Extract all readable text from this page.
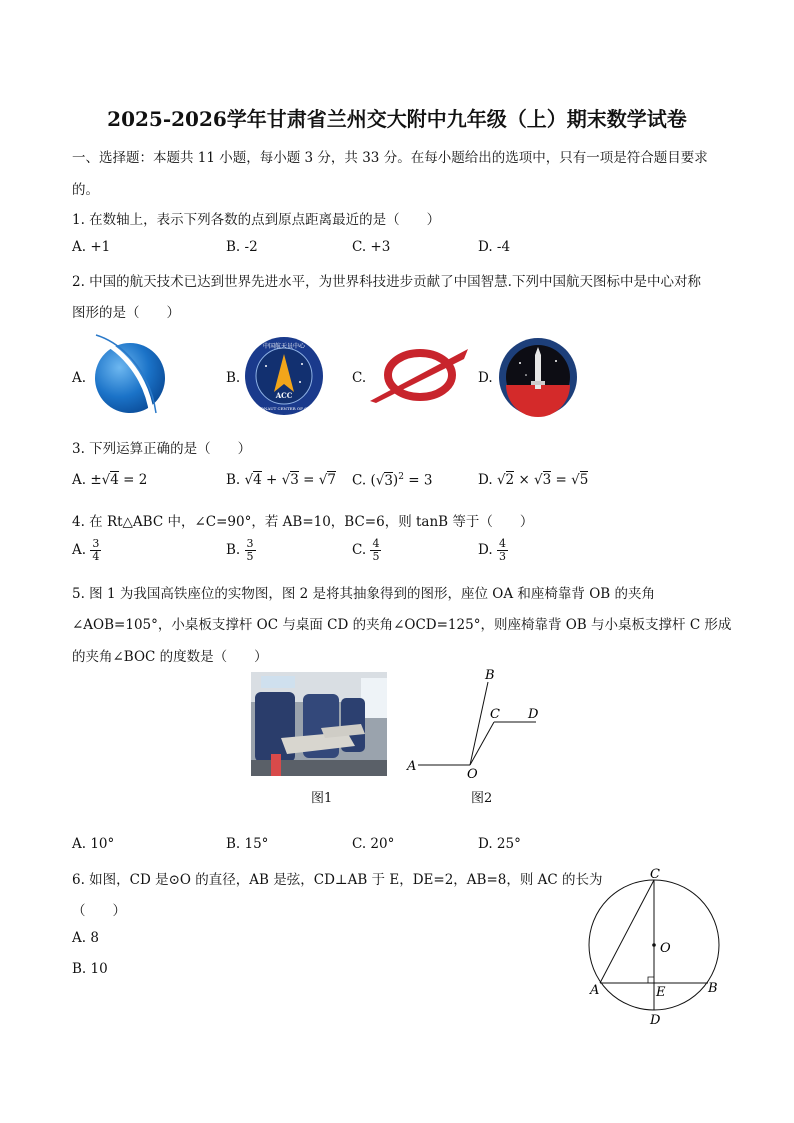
2025-2026学年甘肃省兰州交大附中九年级（上）期末数学试卷
一、选择题：本题共 11 小题，每小题 3 分，共 33 分。在每小题给出的选项中，只有一项是符合题目要求
的。
1. 在数轴上，表示下列各数的点到原点距离最近的是（　　）
A. +1	B. -2	C. +3	D. -4
2. 中国的航天技术已达到世界先进水平，为世界科技进步贡献了中国智慧.下列中国航天图标中是中心对称
图形的是（　　）
A.	B.
中国航天员中心
ASTRONAUT CENTER OF CHINA
ACC
C.	D.
3. 下列运算正确的是（　　）
A. ±√4 = 2	B. √4 + √3 = √7 C. $(√3)^2 = 3$	D. √2 × √3 = √5
4. 在 Rt△ABC 中，∠C=90°，若 AB=10，BC=6，则 tanB 等于（　　）
A. $\frac{3}{4}$	B. $\frac{3}{5}$	C. $\frac{4}{5}$	D. $\frac{4}{3}$
5. 图 1 为我国高铁座位的实物图，图 2 是将其抽象得到的图形，座位 OA 和座椅靠背 OB 的夹角
∠AOB=105°，小桌板支撑杆 OC 与桌面 CD 的夹角∠OCD=125°，则座椅靠背 OB 与小桌板支撑杆 C 形成
的夹角∠BOC 的度数是（　　）
A
O
B
C D
图1	图2
A. 10°	B. 15°	C. 20°	D. 25°
6. 如图，CD 是⊙O 的直径，AB 是弦，CD⊥AB 于 E，DE=2，AB=8，则 AC 的长为
（　　）
A. 8
B. 10
C
O
A	E	B
D
